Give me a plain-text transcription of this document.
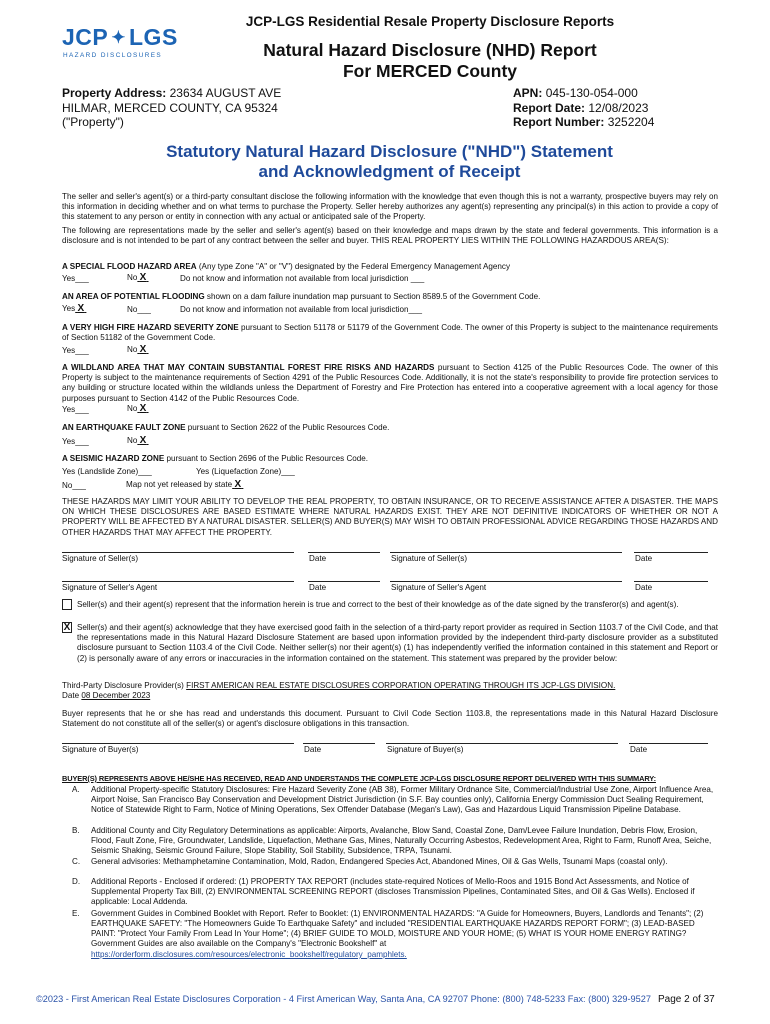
JCP ✦ LGS
HAZARD DISCLOSURES
JCP-LGS Residential Resale Property Disclosure Reports
Natural Hazard Disclosure (NHD) Report
For MERCED County
Property Address: 23634 AUGUST AVE
HILMAR, MERCED COUNTY, CA 95324
("Property")
APN: 045-130-054-000
Report Date: 12/08/2023
Report Number: 3252204
Statutory Natural Hazard Disclosure ("NHD") Statement
and Acknowledgment of Receipt
The seller and seller's agent(s) or a third-party consultant disclose the following information with the knowledge that even though this is not a warranty, prospective buyers may rely on this information in deciding whether and on what terms to purchase the Property. Seller hereby authorizes any agent(s) representing any principal(s) in this action to provide a copy of this statement to any person or entity in connection with any actual or anticipated sale of the Property.
The following are representations made by the seller and seller's agent(s) based on their knowledge and maps drawn by the state and federal governments. This information is a disclosure and is not intended to be part of any contract between the seller and buyer. THIS REAL PROPERTY LIES WITHIN THE FOLLOWING HAZARDOUS AREA(S):
A SPECIAL FLOOD HAZARD AREA (Any type Zone "A" or "V") designated by the Federal Emergency Management Agency
Yes___	No X	Do not know and information not available from local jurisdiction ___
AN AREA OF POTENTIAL FLOODING shown on a dam failure inundation map pursuant to Section 8589.5 of the Government Code.
Yes X	No___	Do not know and information not available from local jurisdiction___
A VERY HIGH FIRE HAZARD SEVERITY ZONE pursuant to Section 51178 or 51179 of the Government Code. The owner of this Property is subject to the maintenance requirements of Section 51182 of the Government Code.
Yes___	No X
A WILDLAND AREA THAT MAY CONTAIN SUBSTANTIAL FOREST FIRE RISKS AND HAZARDS pursuant to Section 4125 of the Public Resources Code. The owner of this Property is subject to the maintenance requirements of Section 4291 of the Public Resources Code. Additionally, it is not the state's responsibility to provide fire protection services to any building or structure located within the wildlands unless the Department of Forestry and Fire Protection has entered into a cooperative agreement with a local agency for those purposes pursuant to Section 4142 of the Public Resources Code.
Yes___	No X
AN EARTHQUAKE FAULT ZONE pursuant to Section 2622 of the Public Resources Code.
Yes___	No X
A SEISMIC HAZARD ZONE pursuant to Section 2696 of the Public Resources Code.
Yes (Landslide Zone)___	Yes (Liquefaction Zone)___
No___	Map not yet released by state X
THESE HAZARDS MAY LIMIT YOUR ABILITY TO DEVELOP THE REAL PROPERTY, TO OBTAIN INSURANCE, OR TO RECEIVE ASSISTANCE AFTER A DISASTER. THE MAPS ON WHICH THESE DISCLOSURES ARE BASED ESTIMATE WHERE NATURAL HAZARDS EXIST. THEY ARE NOT DEFINITIVE INDICATORS OF WHETHER OR NOT A PROPERTY WILL BE AFFECTED BY A NATURAL DISASTER. SELLER(S) AND BUYER(S) MAY WISH TO OBTAIN PROFESSIONAL ADVICE REGARDING THOSE HAZARDS AND OTHER HAZARDS THAT MAY AFFECT THE PROPERTY.
Signature of Seller(s)	Date	Signature of Seller(s)	Date
Signature of Seller's Agent	Date	Signature of Seller's Agent	Date
Seller(s) and their agent(s) represent that the information herein is true and correct to the best of their knowledge as of the date signed by the transferor(s) and agent(s).
X Seller(s) and their agent(s) acknowledge that they have exercised good faith in the selection of a third-party report provider as required in Section 1103.7 of the Civil Code, and that the representations made in this Natural Hazard Disclosure Statement are based upon information provided by the independent third-party disclosure provider as a substituted disclosure pursuant to Section 1103.4 of the Civil Code. Neither seller(s) nor their agent(s) (1) has independently verified the information contained in this statement and Report or (2) is personally aware of any errors or inaccuracies in the information contained on the statement. This statement was prepared by the provider below:
Third-Party Disclosure Provider(s) FIRST AMERICAN REAL ESTATE DISCLOSURES CORPORATION OPERATING THROUGH ITS JCP-LGS DIVISION.
Date 08 December 2023
Buyer represents that he or she has read and understands this document. Pursuant to Civil Code Section 1103.8, the representations made in this Natural Hazard Disclosure Statement do not constitute all of the seller(s) or agent's disclosure obligations in this transaction.
Signature of Buyer(s)	Date	Signature of Buyer(s)	Date
BUYER(S) REPRESENTS ABOVE HE/SHE HAS RECEIVED, READ AND UNDERSTANDS THE COMPLETE JCP-LGS DISCLOSURE REPORT DELIVERED WITH THIS SUMMARY:
A. Additional Property-specific Statutory Disclosures: Fire Hazard Severity Zone (AB 38), Former Military Ordnance Site, Commercial/Industrial Use Zone, Airport Influence Area, Airport Noise, San Francisco Bay Conservation and Development District Jurisdiction (in S.F. Bay counties only), California Energy Commission Duct Sealing Requirement, Notice of Statewide Right to Farm, Notice of Mining Operations, Sex Offender Database (Megan's Law), Gas and Hazardous Liquid Transmission Pipeline Database.
B. Additional County and City Regulatory Determinations as applicable: Airports, Avalanche, Blow Sand, Coastal Zone, Dam/Levee Failure Inundation, Debris Flow, Erosion, Flood, Fault Zone, Fire, Groundwater, Landslide, Liquefaction, Methane Gas, Mines, Naturally Occurring Asbestos, Redevelopment Area, Right to Farm, Runoff Area, Seiche, Seismic Shaking, Seismic Ground Failure, Slope Stability, Soil Stability, Subsidence, TRPA, Tsunami.
C. General advisories: Methamphetamine Contamination, Mold, Radon, Endangered Species Act, Abandoned Mines, Oil & Gas Wells, Tsunami Maps (coastal only).
D. Additional Reports - Enclosed if ordered: (1) PROPERTY TAX REPORT (includes state-required Notices of Mello-Roos and 1915 Bond Act Assessments, and Notice of Supplemental Property Tax Bill, (2) ENVIRONMENTAL SCREENING REPORT (discloses Transmission Pipelines, Contaminated Sites, and Oil & Gas Wells). Enclosed if applicable: Local Addenda.
E. Government Guides in Combined Booklet with Report. Refer to Booklet: (1) ENVIRONMENTAL HAZARDS: "A Guide for Homeowners, Buyers, Landlords and Tenants"; (2) EARTHQUAKE SAFETY: "The Homeowners Guide To Earthquake Safety" and included "RESIDENTIAL EARTHQUAKE HAZARDS REPORT FORM"; (3) LEAD-BASED PAINT: "Protect Your Family From Lead In Your Home"; (4) BRIEF GUIDE TO MOLD, MOISTURE AND YOUR HOME; (5) WHAT IS YOUR HOME ENERGY RATING? Government Guides are also available on the Company's "Electronic Bookshelf" at
https://orderform.disclosures.com/resources/electronic_bookshelf/regulatory_pamphlets.
©2023 - First American Real Estate Disclosures Corporation - 4 First American Way, Santa Ana, CA 92707 Phone: (800) 748-5233 Fax: (800) 329-9527 Page 2 of 37
